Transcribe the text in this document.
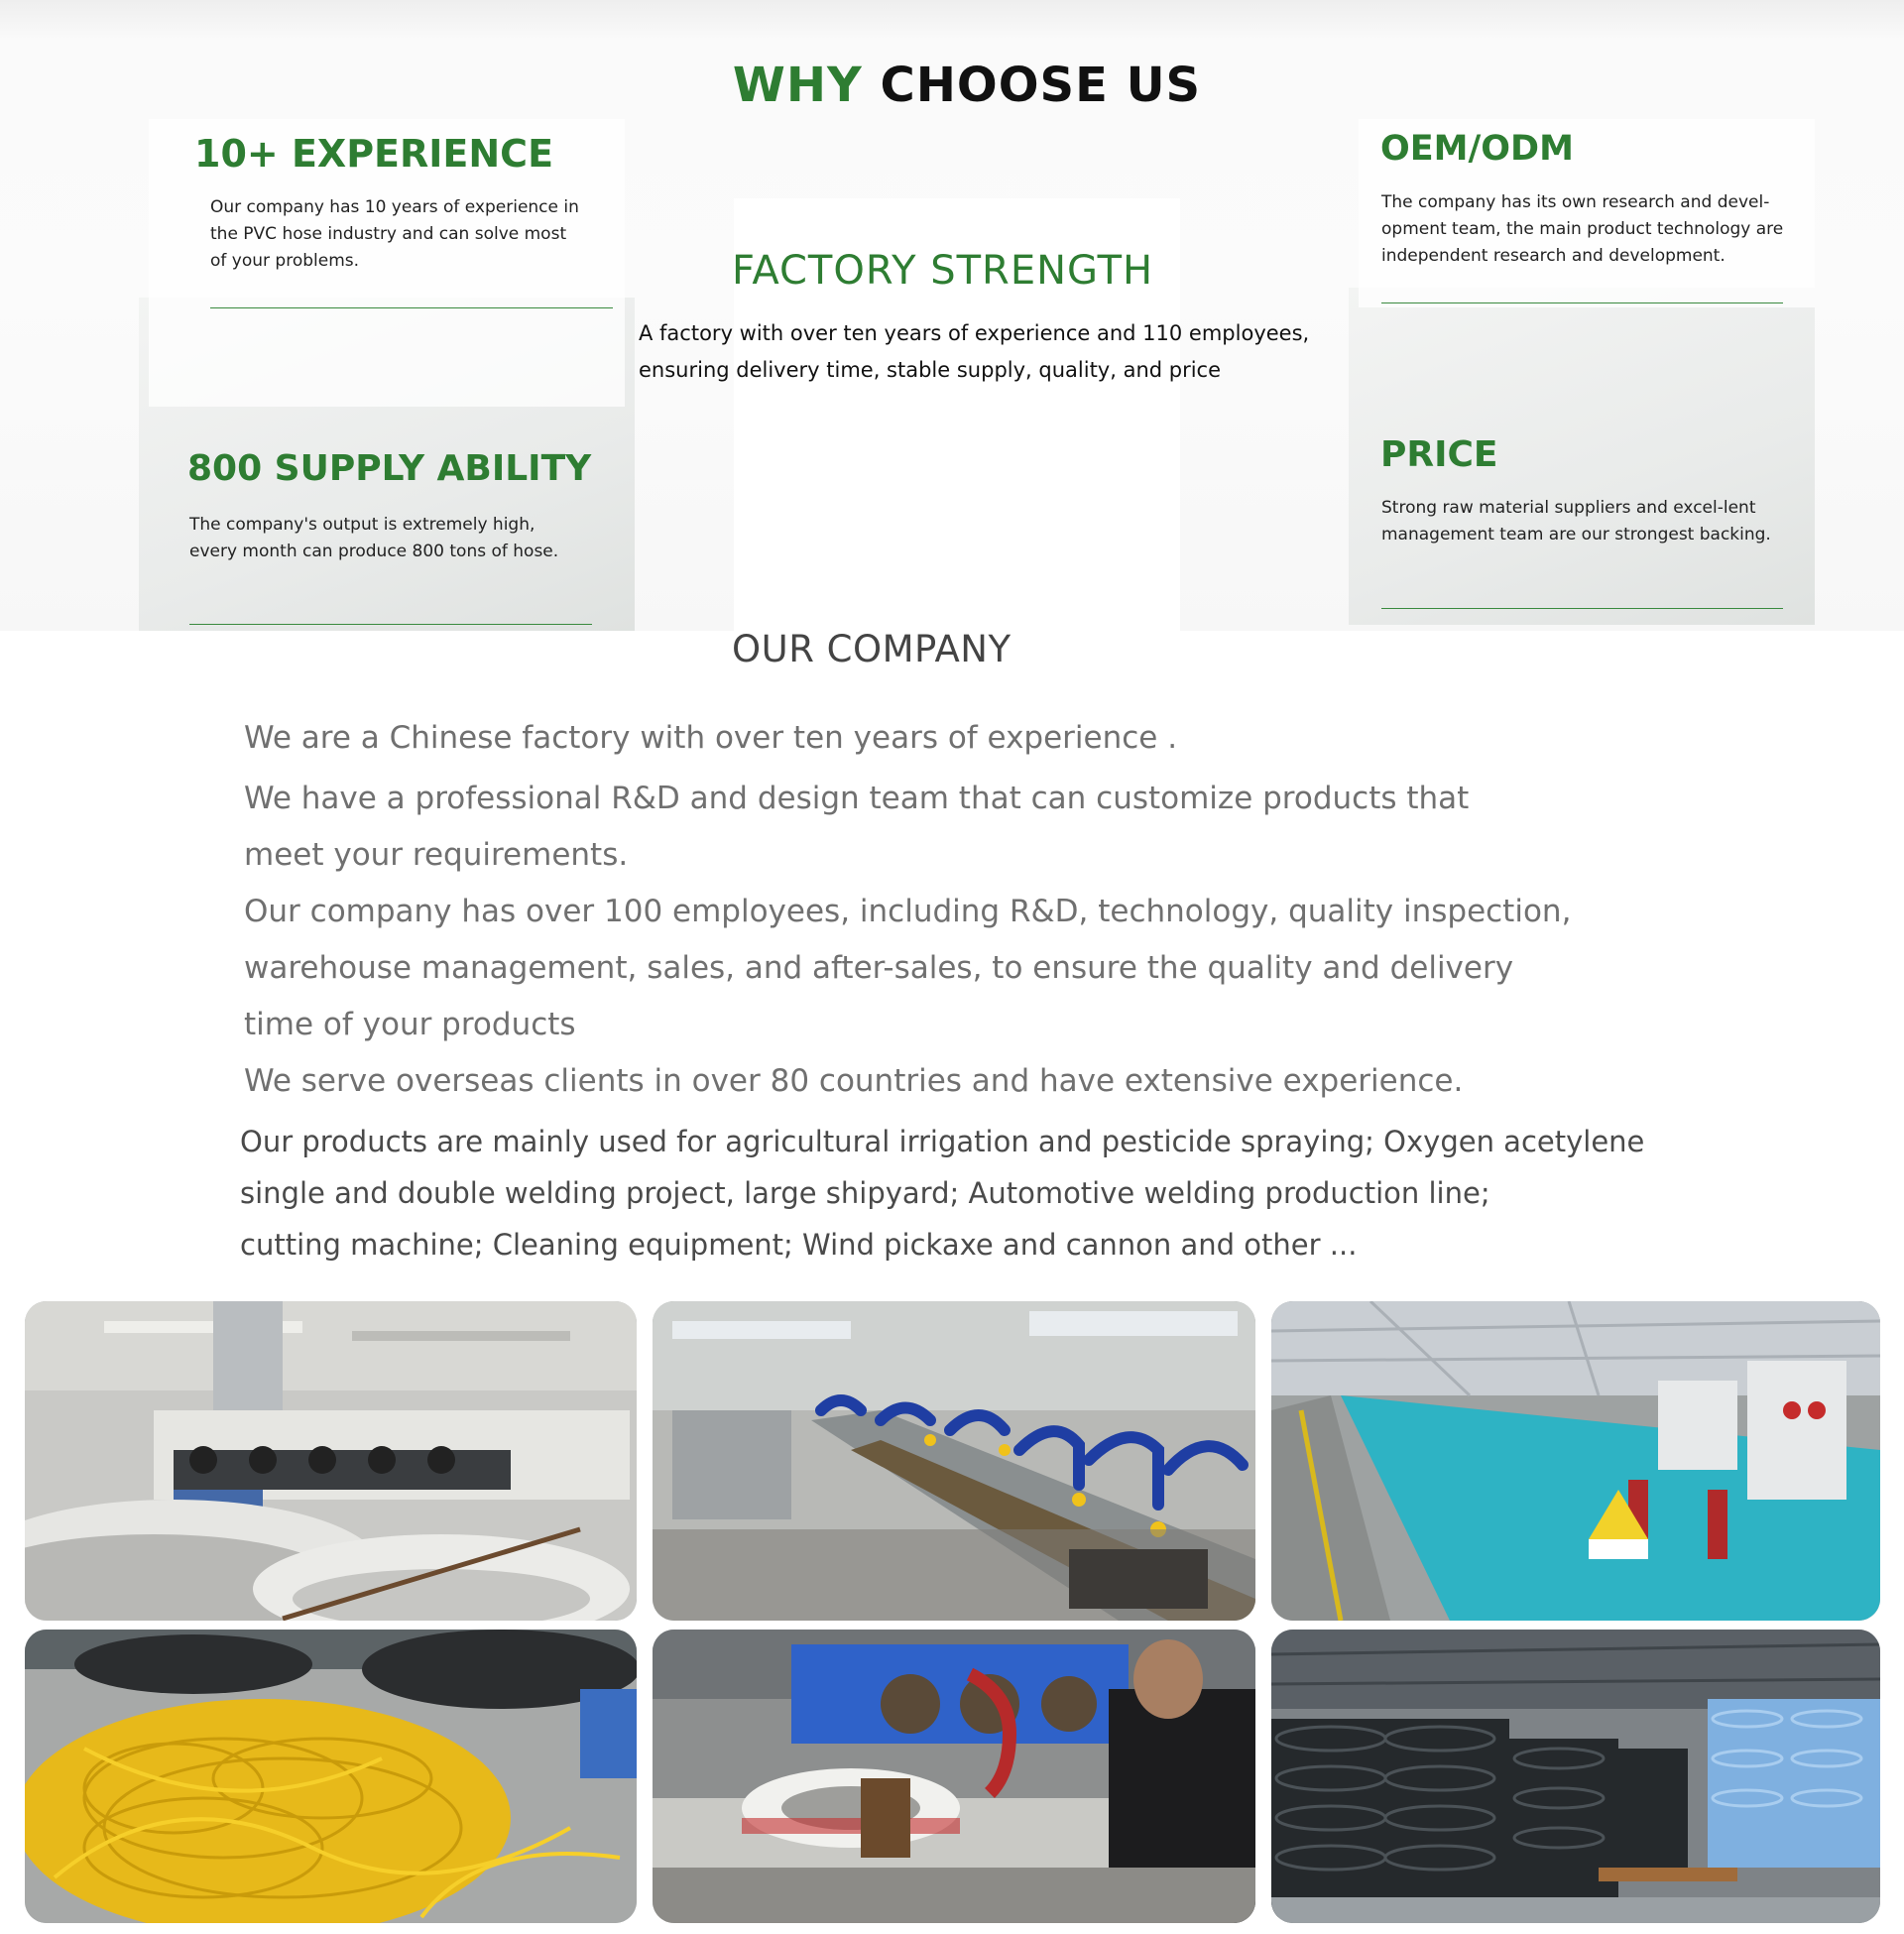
WHY CHOOSE US
10+ EXPERIENCE
Our company has 10 years of experience in the PVC hose industry and can solve most of your problems.
OEM/ODM
The company has its own research and devel-opment team, the main product technology are independent research and development.
FACTORY STRENGTH
A factory with over ten years of experience and 110 employees, ensuring delivery time, stable supply, quality, and price
800 SUPPLY ABILITY
The company's output is extremely high, every month can produce 800 tons of hose.
PRICE
Strong raw material suppliers and excel-lent management team are our strongest backing.
OUR COMPANY

We are a Chinese factory with over ten years of experience .

We have a professional R&D and design team that can customize products that

meet your requirements.

Our company has over 100 employees, including R&D, technology, quality inspection,

warehouse management, sales, and after-sales, to ensure the quality and delivery

time of your products

We serve overseas clients in over 80 countries and have extensive experience.

Our products are mainly used for agricultural irrigation and pesticide spraying; Oxygen acetylene
single and double welding project, large shipyard; Automotive welding production line;
cutting machine; Cleaning equipment; Wind pickaxe and cannon and other ...
